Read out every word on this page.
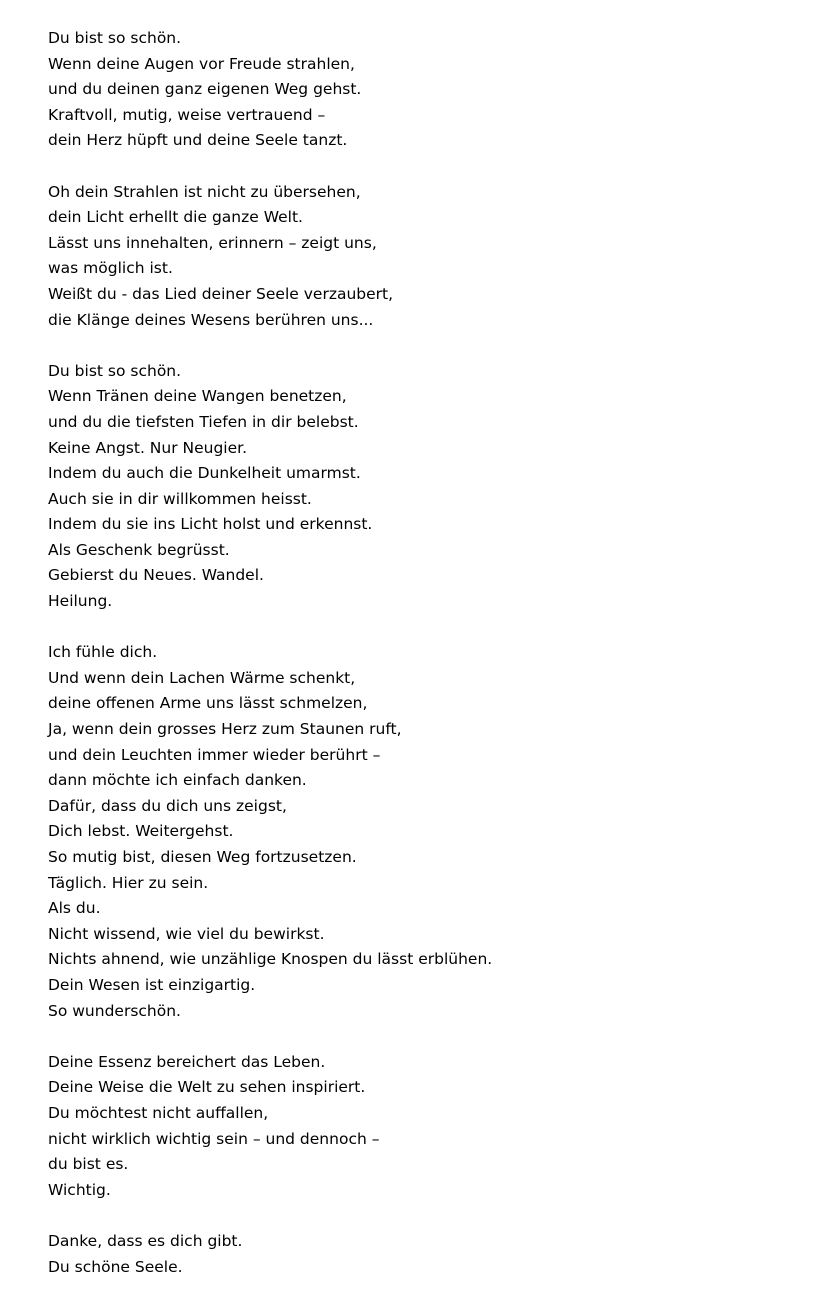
Du bist so schön.
Wenn deine Augen vor Freude strahlen,
und du deinen ganz eigenen Weg gehst.
Kraftvoll, mutig, weise vertrauend –
dein Herz hüpft und deine Seele tanzt.
Oh dein Strahlen ist nicht zu übersehen,
dein Licht erhellt die ganze Welt.
Lässt uns innehalten, erinnern – zeigt uns,
was möglich ist.
Weißt du - das Lied deiner Seele verzaubert,
die Klänge deines Wesens berühren uns...
Du bist so schön.
Wenn Tränen deine Wangen benetzen,
und du die tiefsten Tiefen in dir belebst.
Keine Angst. Nur Neugier.
Indem du auch die Dunkelheit umarmst.
Auch sie in dir willkommen heisst.
Indem du sie ins Licht holst und erkennst.
Als Geschenk begrüsst.
Gebierst du Neues. Wandel.
Heilung.
Ich fühle dich.
Und wenn dein Lachen Wärme schenkt,
deine offenen Arme uns lässt schmelzen,
Ja, wenn dein grosses Herz zum Staunen ruft,
und dein Leuchten immer wieder berührt –
dann möchte ich einfach danken.
Dafür, dass du dich uns zeigst,
Dich lebst. Weitergehst.
So mutig bist, diesen Weg fortzusetzen.
Täglich. Hier zu sein.
Als du.
Nicht wissend, wie viel du bewirkst.
Nichts ahnend, wie unzählige Knospen du lässt erblühen.
Dein Wesen ist einzigartig.
So wunderschön.
Deine Essenz bereichert das Leben.
Deine Weise die Welt zu sehen inspiriert.
Du möchtest nicht auffallen,
nicht wirklich wichtig sein – und dennoch –
du bist es.
Wichtig.
Danke, dass es dich gibt.
Du schöne Seele.
